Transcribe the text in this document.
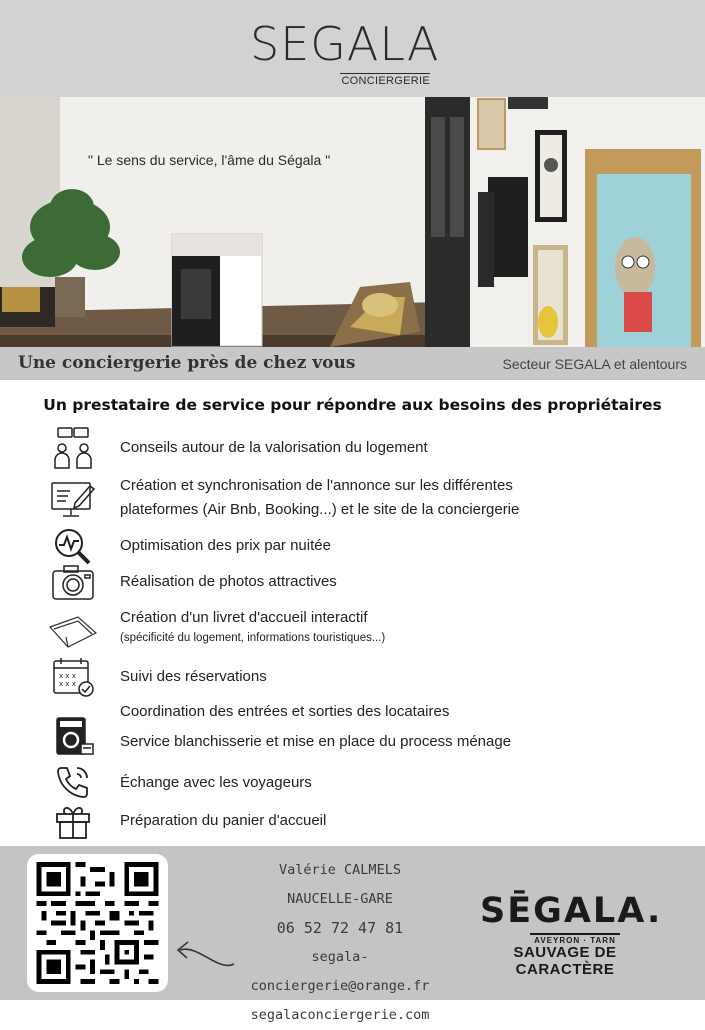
SEGALA
CONCIERGERIE
" Le sens du service, l'âme du Ségala "
Une conciergerie près de chez vous	Secteur SEGALA et alentours
Un prestataire de service pour répondre aux besoins des propriétaires
Conseils autour de la valorisation du logement
Création et synchronisation de l'annonce sur les différentes
plateformes (Air Bnb, Booking...) et le site de la conciergerie
Optimisation des prix par nuitée
Réalisation de photos attractives
Création d'un livret d'accueil interactif

(spécificité du logement, informations touristiques...)
x x x
x x x	Suivi des réservations
Coordination des entrées et sorties des locataires
Service blanchisserie et mise en place du process ménage
Échange avec les voyageurs
Préparation du panier d'accueil
Valérie CALMELS
NAUCELLE-GARE
06 52 72 47 81
segala-conciergerie@orange.fr
segalaconciergerie.com
SĒGALA.
AVEYRON · TARN
SAUVAGE DE CARACTÈRE
